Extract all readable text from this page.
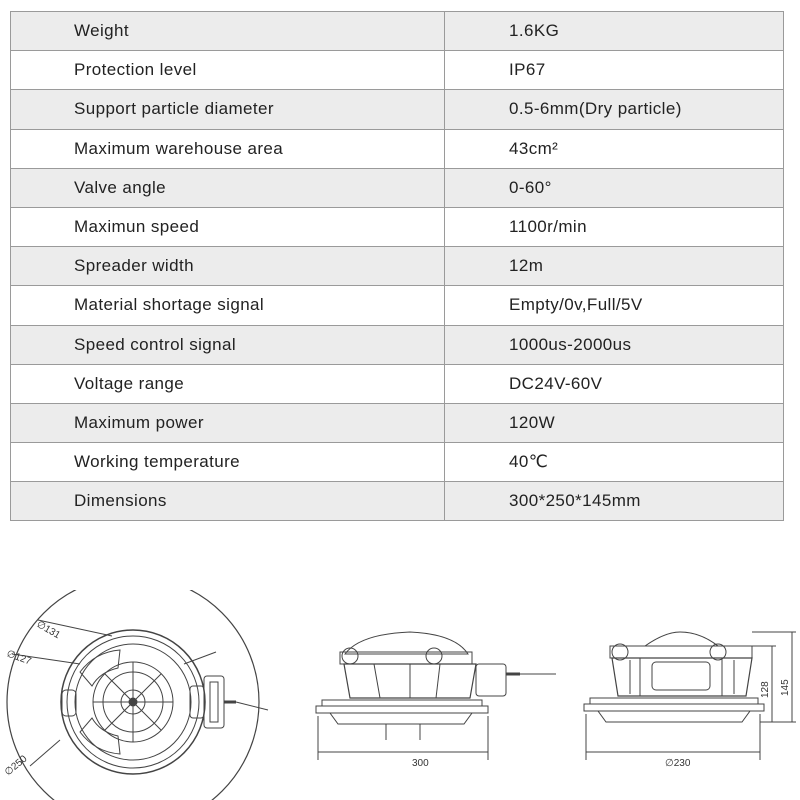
Weight	1.6KG
Protection level	IP67
Support particle diameter	0.5-6mm(Dry particle)
Maximum warehouse area	43cm²
Valve angle	0-60°
Maximun speed	1100r/min
Spreader width	12m
Material shortage signal	Empty/0v,Full/5V
Speed control signal	1000us-2000us
Voltage range	DC24V-60V
Maximum power	120W
Working temperature	40℃
Dimensions	300*250*145mm
∅131
∅127
∅250	300	∅230
128 145
